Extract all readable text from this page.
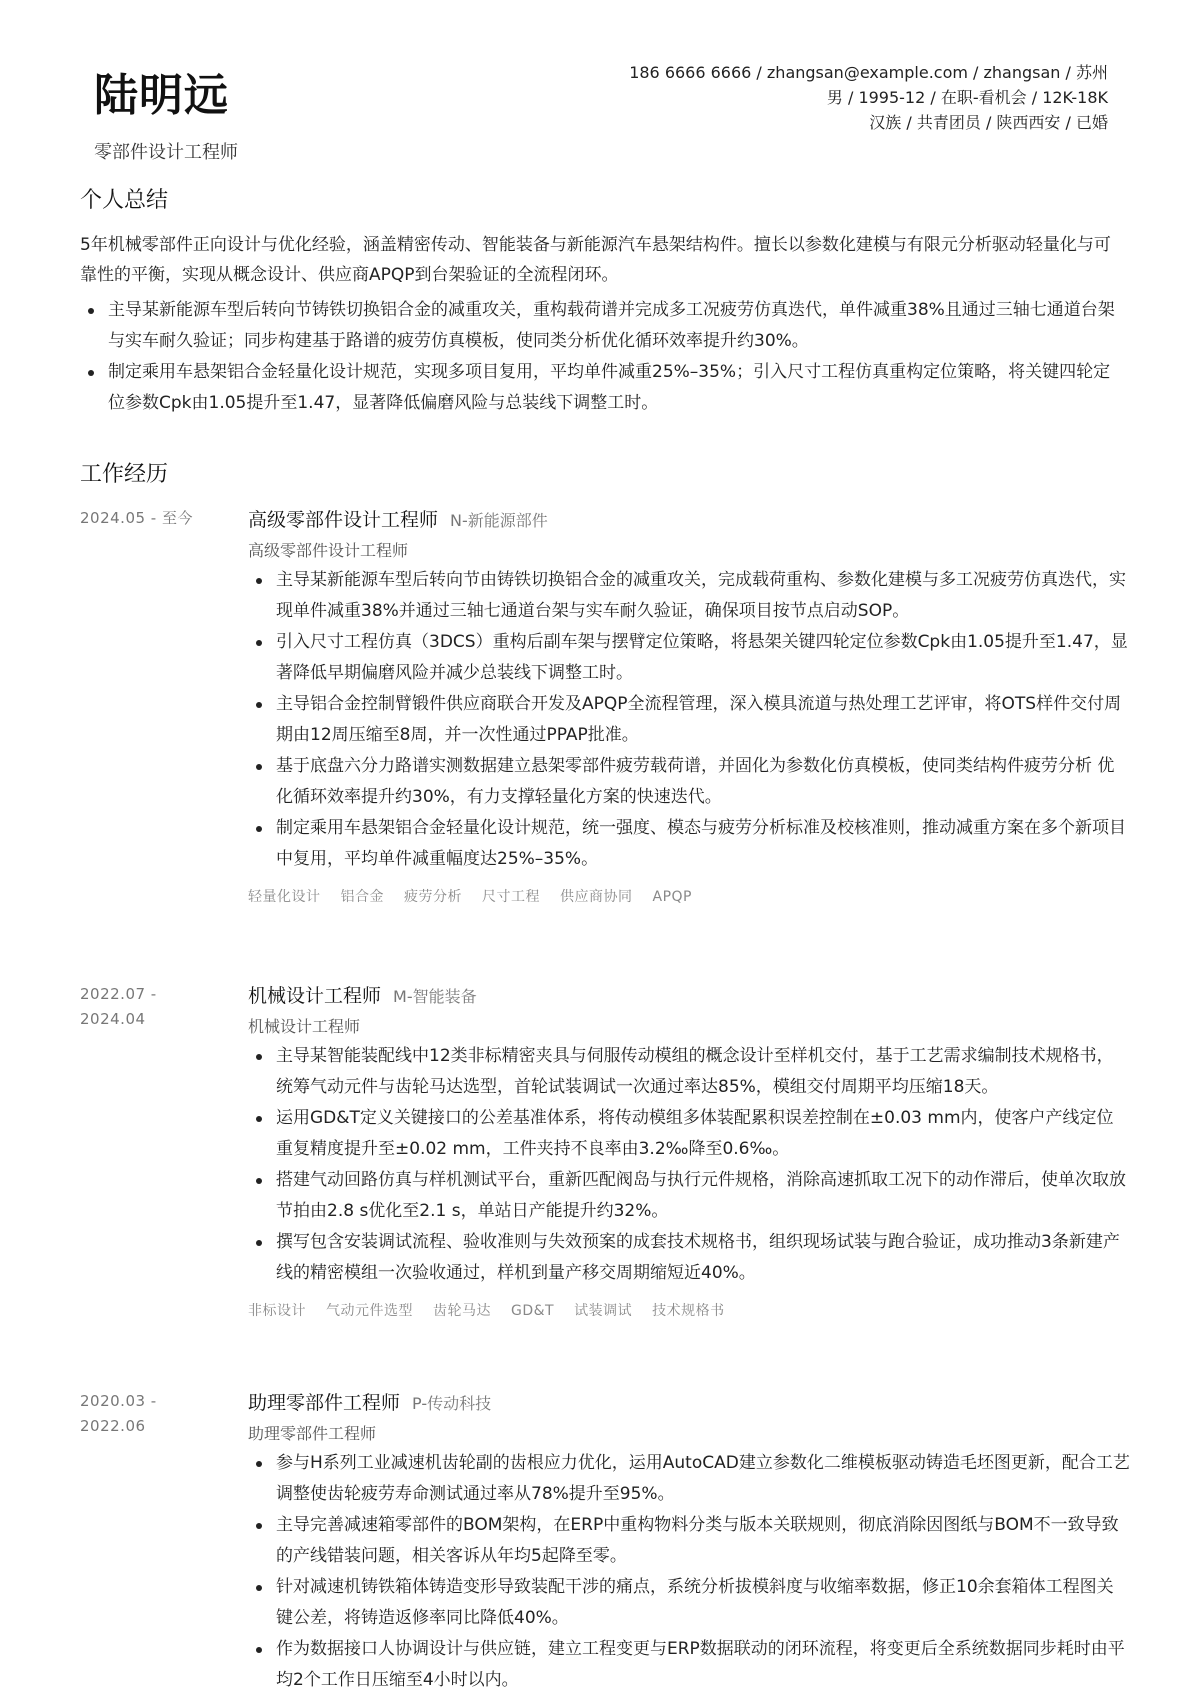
陆明远
零部件设计工程师
186 6666 6666 / zhangsan@example.com / zhangsan / 苏州
男 / 1995-12 / 在职-看机会 / 12K-18K
汉族 / 共青团员 / 陕西西安 / 已婚
个人总结
5年机械零部件正向设计与优化经验，涵盖精密传动、智能装备与新能源汽车悬架结构件。擅长以参数化建模与有限元分析驱动轻量化与可靠性的平衡，实现从概念设计、供应商APQP到台架验证的全流程闭环。
主导某新能源车型后转向节铸铁切换铝合金的减重攻关，重构载荷谱并完成多工况疲劳仿真迭代，单件减重38%且通过三轴七通道台架与实车耐久验证；同步构建基于路谱的疲劳仿真模板，使同类分析优化循环效率提升约30%。
制定乘用车悬架铝合金轻量化设计规范，实现多项目复用，平均单件减重25%–35%；引入尺寸工程仿真重构定位策略，将关键四轮定位参数Cpk由1.05提升至1.47，显著降低偏磨风险与总装线下调整工时。
工作经历
2024.05 - 至今	高级零部件设计工程师 N-新能源部件
高级零部件设计工程师
主导某新能源车型后转向节由铸铁切换铝合金的减重攻关，完成载荷重构、参数化建模与多工况疲劳仿真迭代，实现单件减重38%并通过三轴七通道台架与实车耐久验证，确保项目按节点启动SOP。
引入尺寸工程仿真（3DCS）重构后副车架与摆臂定位策略，将悬架关键四轮定位参数Cpk由1.05提升至1.47，显著降低早期偏磨风险并减少总装线下调整工时。
主导铝合金控制臂锻件供应商联合开发及APQP全流程管理，深入模具流道与热处理工艺评审，将OTS样件交付周期由12周压缩至8周，并一次性通过PPAP批准。
基于底盘六分力路谱实测数据建立悬架零部件疲劳载荷谱，并固化为参数化仿真模板，使同类结构件疲劳分析 优化循环效率提升约30%，有力支撑轻量化方案的快速迭代。
制定乘用车悬架铝合金轻量化设计规范，统一强度、模态与疲劳分析标准及校核准则，推动减重方案在多个新项目中复用，平均单件减重幅度达25%–35%。
轻量化设计 铝合金 疲劳分析 尺寸工程 供应商协同 APQP
2022.07 - 2024.04
机械设计工程师 M-智能装备
机械设计工程师
主导某智能装配线中12类非标精密夹具与伺服传动模组的概念设计至样机交付，基于工艺需求编制技术规格书，统筹气动元件与齿轮马达选型，首轮试装调试一次通过率达85%，模组交付周期平均压缩18天。
运用GD&T定义关键接口的公差基准体系，将传动模组多体装配累积误差控制在±0.03 mm内，使客户产线定位重复精度提升至±0.02 mm，工件夹持不良率由3.2‰降至0.6‰。
搭建气动回路仿真与样机测试平台，重新匹配阀岛与执行元件规格，消除高速抓取工况下的动作滞后，使单次取放节拍由2.8 s优化至2.1 s，单站日产能提升约32%。
撰写包含安装调试流程、验收准则与失效预案的成套技术规格书，组织现场试装与跑合验证，成功推动3条新建产线的精密模组一次验收通过，样机到量产移交周期缩短近40%。
非标设计 气动元件选型 齿轮马达 GD&T 试装调试 技术规格书
2020.03 - 2022.06
助理零部件工程师 P-传动科技
助理零部件工程师
参与H系列工业减速机齿轮副的齿根应力优化，运用AutoCAD建立参数化二维模板驱动铸造毛坯图更新，配合工艺调整使齿轮疲劳寿命测试通过率从78%提升至95%。
主导完善减速箱零部件的BOM架构，在ERP中重构物料分类与版本关联规则，彻底消除因图纸与BOM不一致导致的产线错装问题，相关客诉从年均5起降至零。
针对减速机铸铁箱体铸造变形导致装配干涉的痛点，系统分析拔模斜度与收缩率数据，修正10余套箱体工程图关键公差，将铸造返修率同比降低40%。
作为数据接口人协调设计与供应链，建立工程变更与ERP数据联动的闭环流程，将变更后全系统数据同步耗时由平均2个工作日压缩至4小时以内。
